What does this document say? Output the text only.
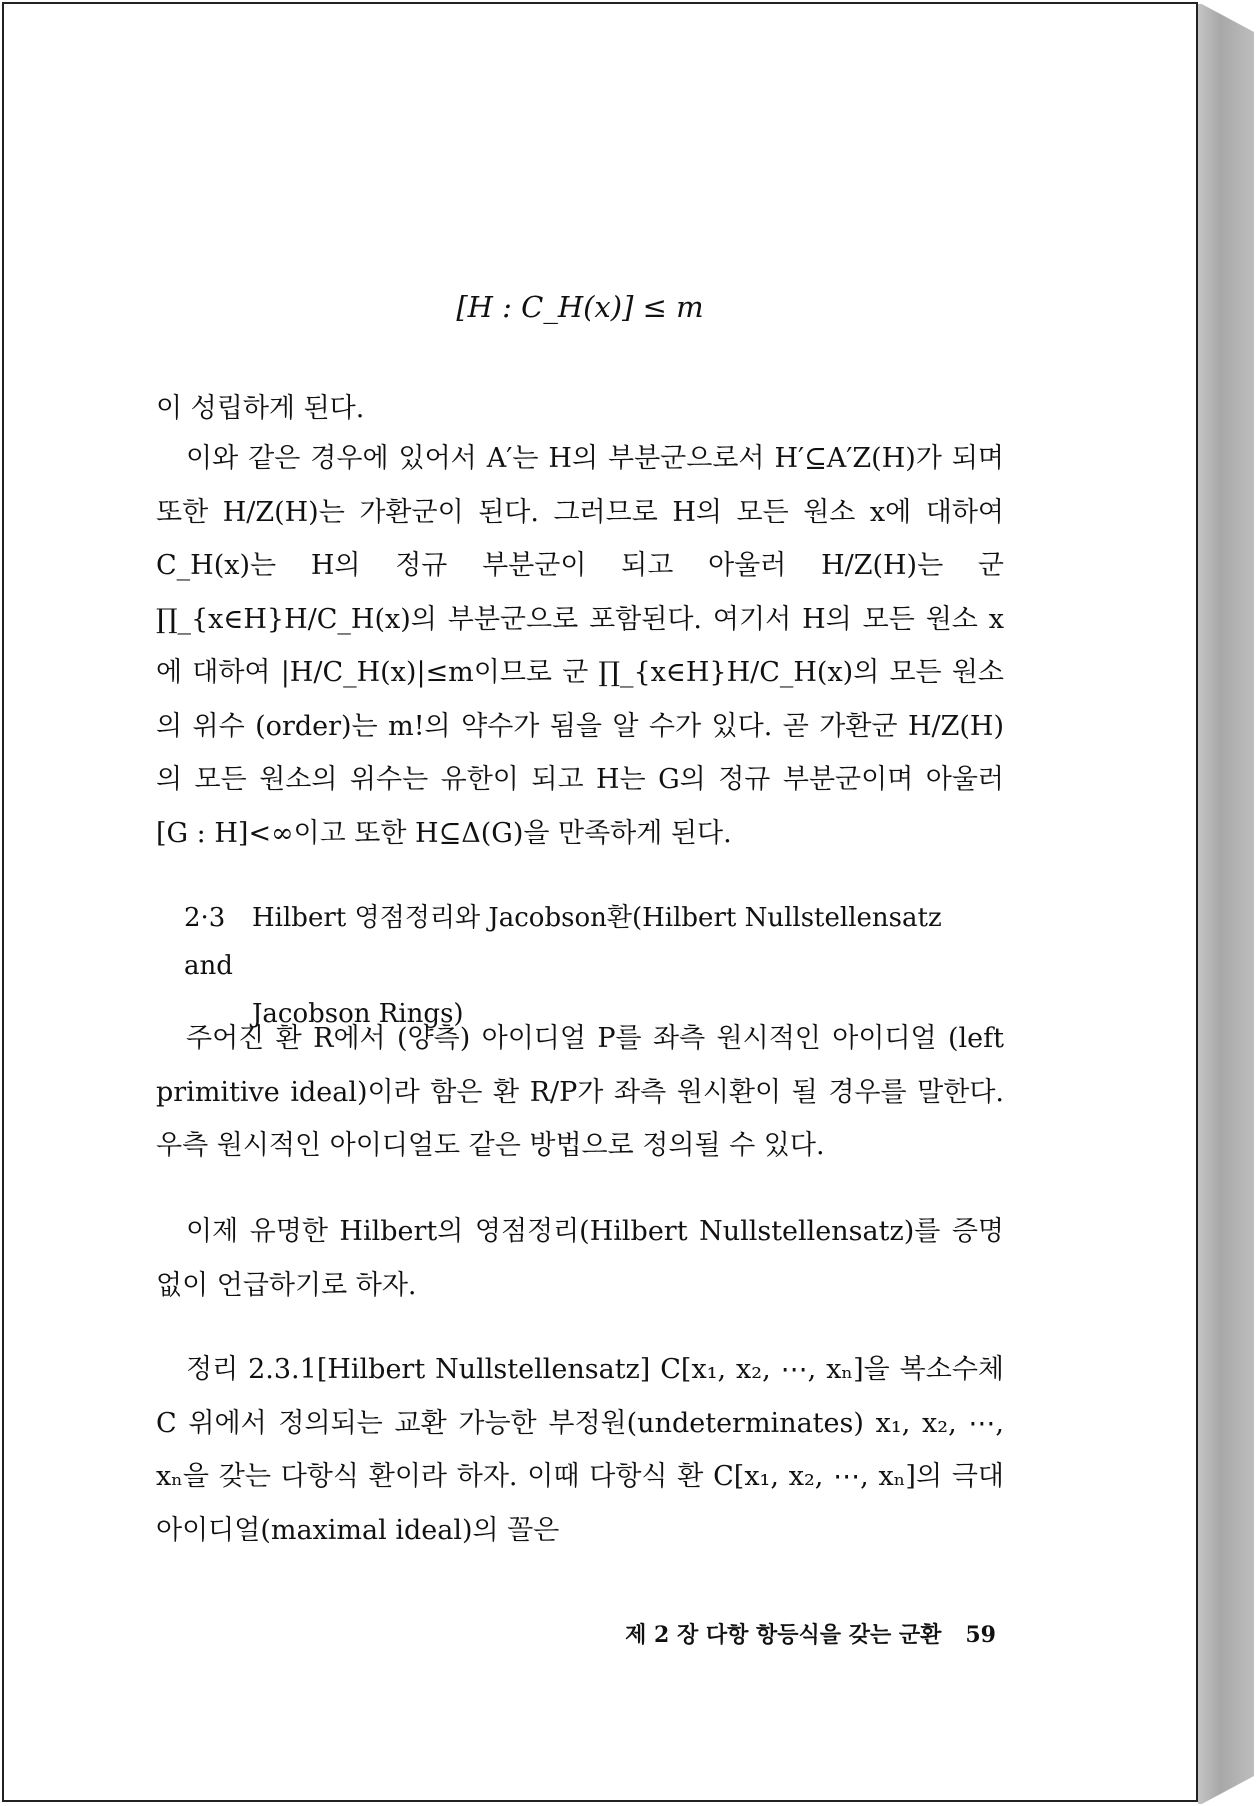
[H : C_H(x)] ≤ m

이 성립하게 된다.

이와 같은 경우에 있어서 A′는 H의 부분군으로서 H′⊆A′Z(H)가 되며 또한 H/Z(H)는 가환군이 된다. 그러므로 H의 모든 원소 x에 대하여 C_H(x)는 H의 정규 부분군이 되고 아울러 H/Z(H)는 군 ∏_{x∈H}H/C_H(x)의 부분군으로 포함된다. 여기서 H의 모든 원소 x에 대하여 |H/C_H(x)|≤m이므로 군 ∏_{x∈H}H/C_H(x)의 모든 원소의 위수 (order)는 m!의 약수가 됨을 알 수가 있다. 곧 가환군 H/Z(H)의 모든 원소의 위수는 유한이 되고 H는 G의 정규 부분군이며 아울러 [G : H]<∞이고 또한 H⊆Δ(G)을 만족하게 된다.

2·3 Hilbert 영점정리와 Jacobson환(Hilbert Nullstellensatz and
Jacobson Rings)

주어진 환 R에서 (양측) 아이디얼 P를 좌측 원시적인 아이디얼 (left primitive ideal)이라 함은 환 R/P가 좌측 원시환이 될 경우를 말한다. 우측 원시적인 아이디얼도 같은 방법으로 정의될 수 있다.

이제 유명한 Hilbert의 영점정리(Hilbert Nullstellensatz)를 증명 없이 언급하기로 하자.

정리 2.3.1[Hilbert Nullstellensatz] C[x₁, x₂, ⋯, xₙ]을 복소수체 C 위에서 정의되는 교환 가능한 부정원(undeterminates) x₁, x₂, ⋯, xₙ을 갖는 다항식 환이라 하자. 이때 다항식 환 C[x₁, x₂, ⋯, xₙ]의 극대 아이디얼(maximal ideal)의 꼴은

제 2 장 다항 항등식을 갖는 군환 59
